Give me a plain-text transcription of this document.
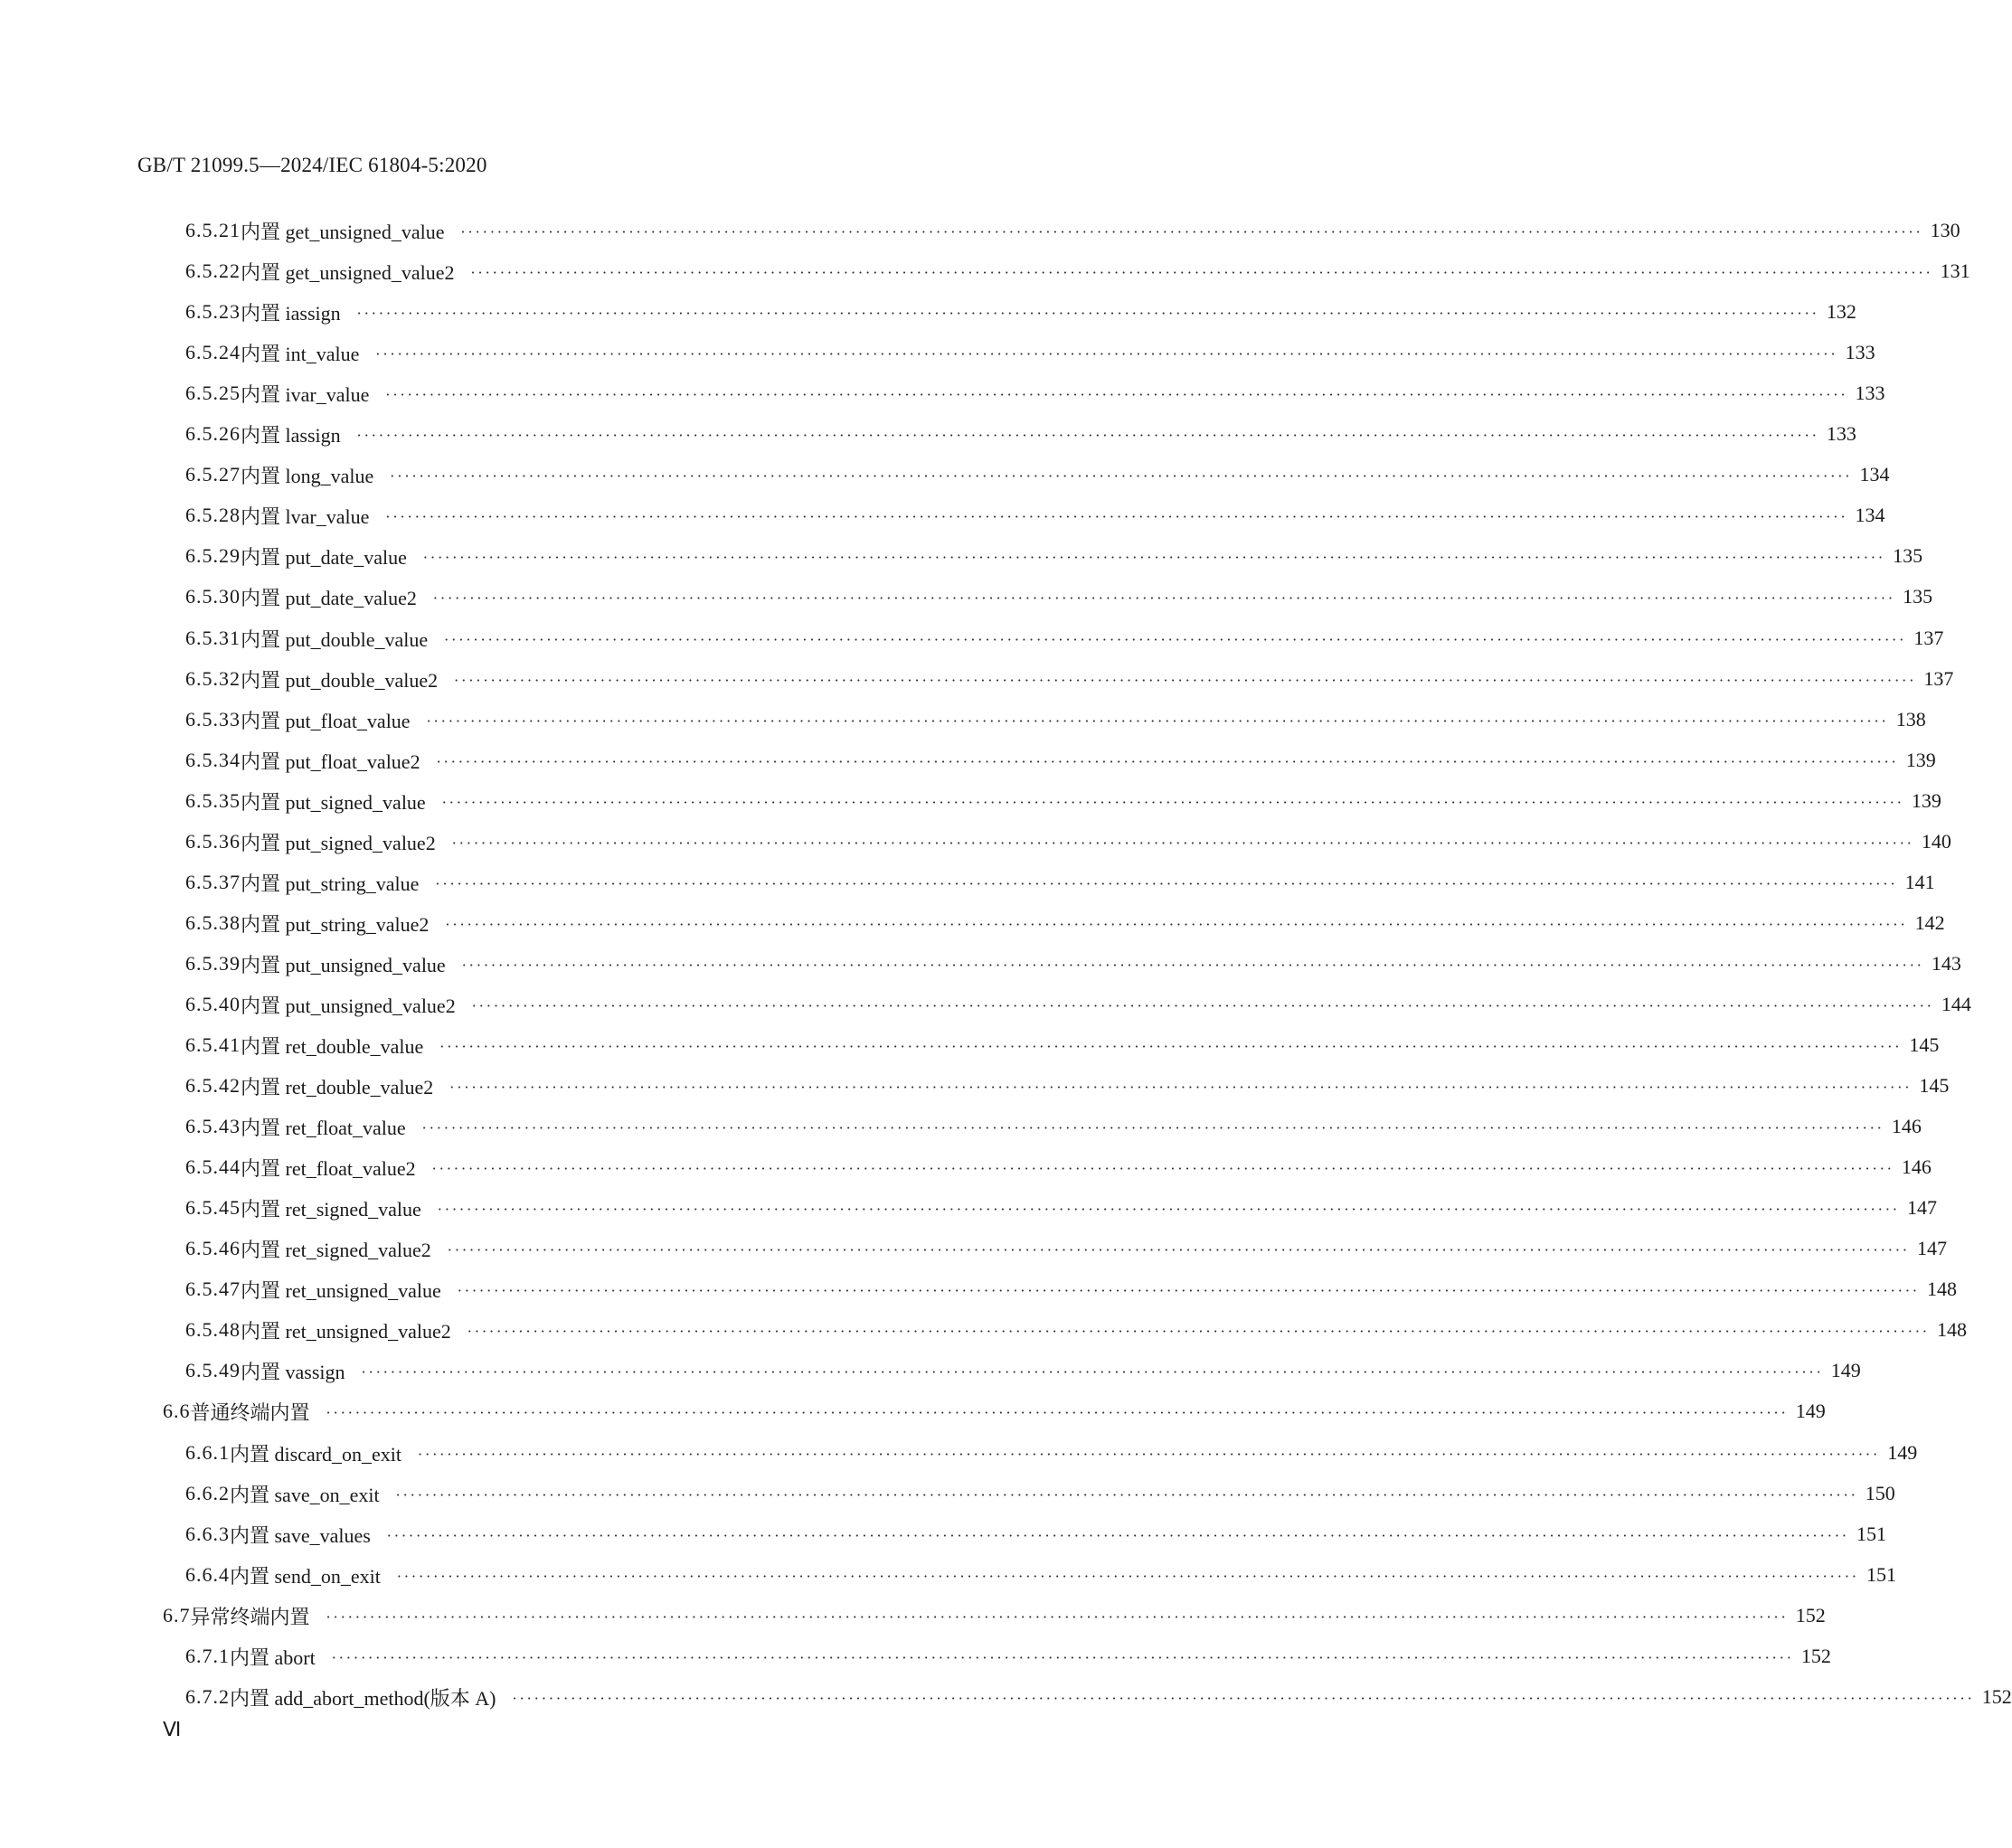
GB/T 21099.5—2024/IEC 61804-5:2020
6.5.21 内置 get_unsigned_value	········································································································································································································ 130
6.5.22 内置 get_unsigned_value2	········································································································································································································ 131
6.5.23 内置 iassign	········································································································································································································ 132
6.5.24 内置 int_value	········································································································································································································ 133
6.5.25 内置 ivar_value	········································································································································································································ 133
6.5.26 内置 lassign	········································································································································································································ 133
6.5.27 内置 long_value	········································································································································································································ 134
6.5.28 内置 lvar_value	········································································································································································································ 134
6.5.29 内置 put_date_value	········································································································································································································ 135
6.5.30 内置 put_date_value2	········································································································································································································ 135
6.5.31 内置 put_double_value	········································································································································································································ 137
6.5.32 内置 put_double_value2	········································································································································································································ 137
6.5.33 内置 put_float_value	········································································································································································································ 138
6.5.34 内置 put_float_value2	········································································································································································································ 139
6.5.35 内置 put_signed_value	········································································································································································································ 139
6.5.36 内置 put_signed_value2	········································································································································································································ 140
6.5.37 内置 put_string_value	········································································································································································································ 141
6.5.38 内置 put_string_value2	········································································································································································································ 142
6.5.39 内置 put_unsigned_value	········································································································································································································ 143
6.5.40 内置 put_unsigned_value2	········································································································································································································ 144
6.5.41 内置 ret_double_value	········································································································································································································ 145
6.5.42 内置 ret_double_value2	········································································································································································································ 145
6.5.43 内置 ret_float_value	········································································································································································································ 146
6.5.44 内置 ret_float_value2	········································································································································································································ 146
6.5.45 内置 ret_signed_value	········································································································································································································ 147
6.5.46 内置 ret_signed_value2	········································································································································································································ 147
6.5.47 内置 ret_unsigned_value	········································································································································································································ 148
6.5.48 内置 ret_unsigned_value2	········································································································································································································ 148
6.5.49 内置 vassign	········································································································································································································ 149
6.6 普通终端内置	········································································································································································································ 149
6.6.1 内置 discard_on_exit	········································································································································································································ 149
6.6.2 内置 save_on_exit	········································································································································································································ 150
6.6.3 内置 save_values	········································································································································································································ 151
6.6.4 内置 send_on_exit	········································································································································································································ 151
6.7 异常终端内置	········································································································································································································ 152
6.7.1 内置 abort	········································································································································································································ 152
6.7.2 内置 add_abort_method(版本 A)	········································································································································································································ 152
Ⅵ
